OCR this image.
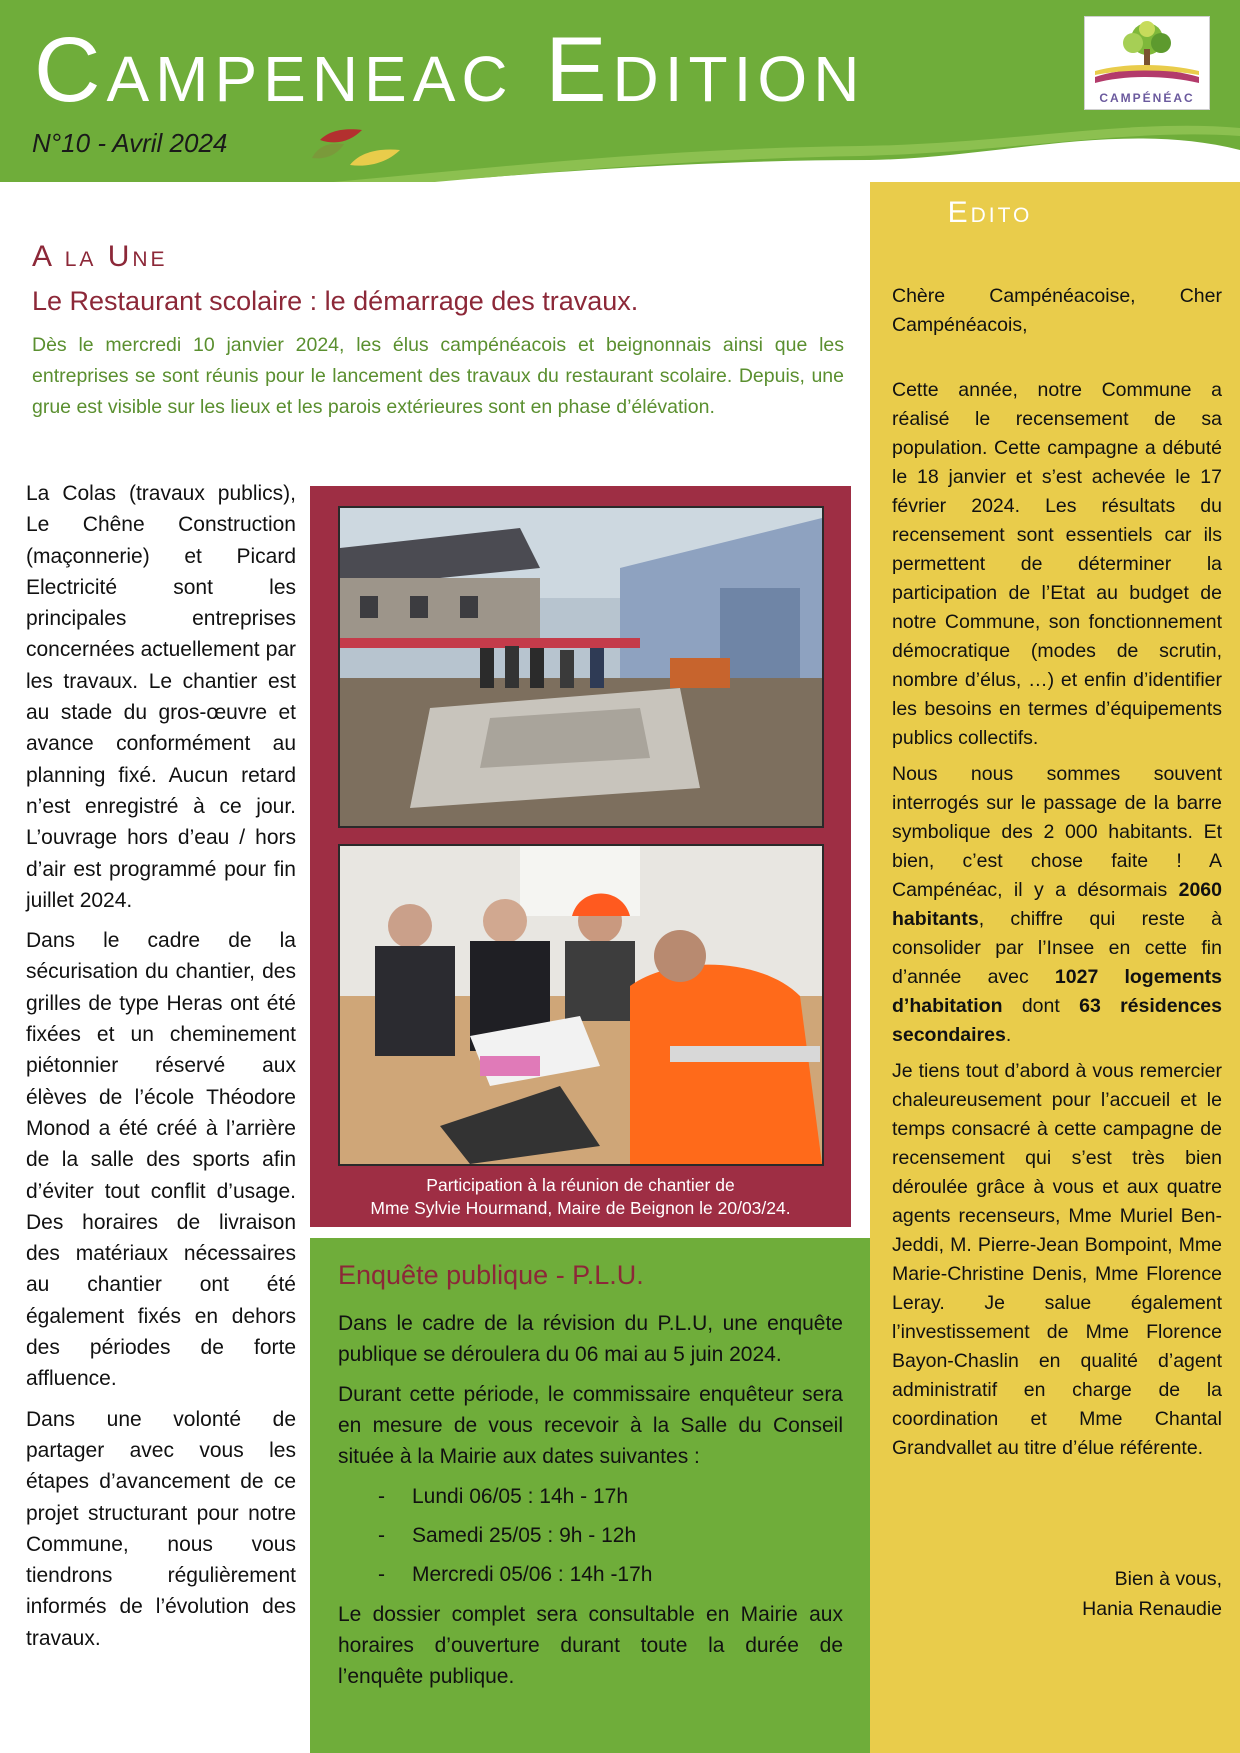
Campeneac Edition
N°10 - Avril 2024
CAMPÉNÉAC
A la Une
Le Restaurant scolaire : le démarrage des travaux.
Dès le mercredi 10 janvier 2024, les élus campénéacois et beignonnais ainsi que les entreprises se sont réunis pour le lancement des travaux du restaurant scolaire. Depuis, une grue est visible sur les lieux et les parois extérieures sont en phase d’élévation.

La Colas (travaux publics), Le Chêne Construction (maçonnerie) et Picard Electricité sont les principales entreprises concernées actuellement par les travaux. Le chantier est au stade du gros-œuvre et avance conformément au planning fixé. Aucun retard n’est enregistré à ce jour. L’ouvrage hors d’eau / hors d’air est programmé pour fin juillet 2024.

Dans le cadre de la sécurisation du chantier, des grilles de type Heras ont été fixées et un cheminement piétonnier réservé aux élèves de l’école Théodore Monod a été créé à l’arrière de la salle des sports afin d’éviter tout conflit d’usage. Des horaires de livraison des matériaux nécessaires au chantier ont été également fixés en dehors des périodes de forte affluence.

Dans une volonté de partager avec vous les étapes d’avancement de ce projet structurant pour notre Commune, nous vous tiendrons régulièrement informés de l’évolution des travaux.

Participation à la réunion de chantier de
Mme Sylvie Hourmand, Maire de Beignon le 20/03/24.
Enquête publique - P.L.U.

Dans le cadre de la révision du P.L.U, une enquête publique se déroulera du 06 mai au 5 juin 2024.

Durant cette période, le commissaire enquêteur sera en mesure de vous recevoir à la Salle du Conseil située à la Mairie aux dates suivantes :

- Lundi 06/05 : 14h - 17h
- Samedi 25/05 : 9h - 12h
- Mercredi 05/06 : 14h -17h

Le dossier complet sera consultable en Mairie aux horaires d’ouverture durant toute la durée de l’enquête publique.

Edito

Chère Campénéacoise, Cher Campénéacois,

Cette année, notre Commune a réalisé le recensement de sa population. Cette campagne a débuté le 18 janvier et s’est achevée le 17 février 2024. Les résultats du recensement sont essentiels car ils permettent de déterminer la participation de l’Etat au budget de notre Commune, son fonctionnement démocratique (modes de scrutin, nombre d’élus, …) et enfin d’identifier les besoins en termes d’équipements publics collectifs.

Nous nous sommes souvent interrogés sur le passage de la barre symbolique des 2 000 habitants. Et bien, c’est chose faite ! A Campénéac, il y a désormais 2060 habitants, chiffre qui reste à consolider par l’Insee en cette fin d’année avec 1027 logements d’habitation dont 63 résidences secondaires.

Je tiens tout d’abord à vous remercier chaleureusement pour l’accueil et le temps consacré à cette campagne de recensement qui s’est très bien déroulée grâce à vous et aux quatre agents recenseurs, Mme Muriel Ben-Jeddi, M. Pierre-Jean Bompoint, Mme Marie-Christine Denis, Mme Florence Leray. Je salue également l’investissement de Mme Florence Bayon-Chaslin en qualité d’agent administratif en charge de la coordination et Mme Chantal Grandvallet au titre d’élue référente.

Bien à vous,
Hania Renaudie
